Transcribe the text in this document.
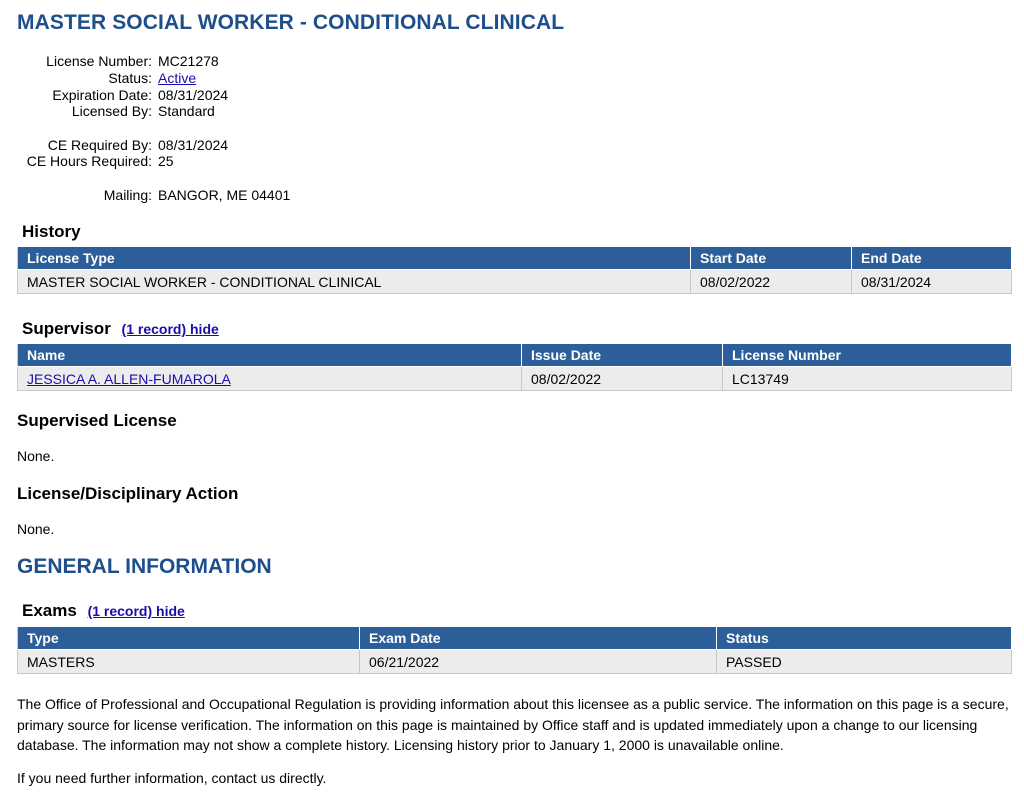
MASTER SOCIAL WORKER - CONDITIONAL CLINICAL
License Number: MC21278
Status: Active
Expiration Date: 08/31/2024
Licensed By: Standard
CE Required By: 08/31/2024
CE Hours Required: 25
Mailing: BANGOR, ME 04401
History
License Type	Start Date	End Date
MASTER SOCIAL WORKER - CONDITIONAL CLINICAL	08/02/2022	08/31/2024
Supervisor (1 record) hide
Name	Issue Date	License Number
JESSICA A. ALLEN-FUMAROLA	08/02/2022	LC13749
Supervised License
None.
License/Disciplinary Action
None.
GENERAL INFORMATION
Exams (1 record) hide
Type	Exam Date	Status
MASTERS	06/21/2022	PASSED
The Office of Professional and Occupational Regulation is providing information about this licensee as a public service. The information on this page is a secure, primary source for license verification. The information on this page is maintained by Office staff and is updated immediately upon a change to our licensing database. The information may not show a complete history. Licensing history prior to January 1, 2000 is unavailable online.
If you need further information, contact us directly.
